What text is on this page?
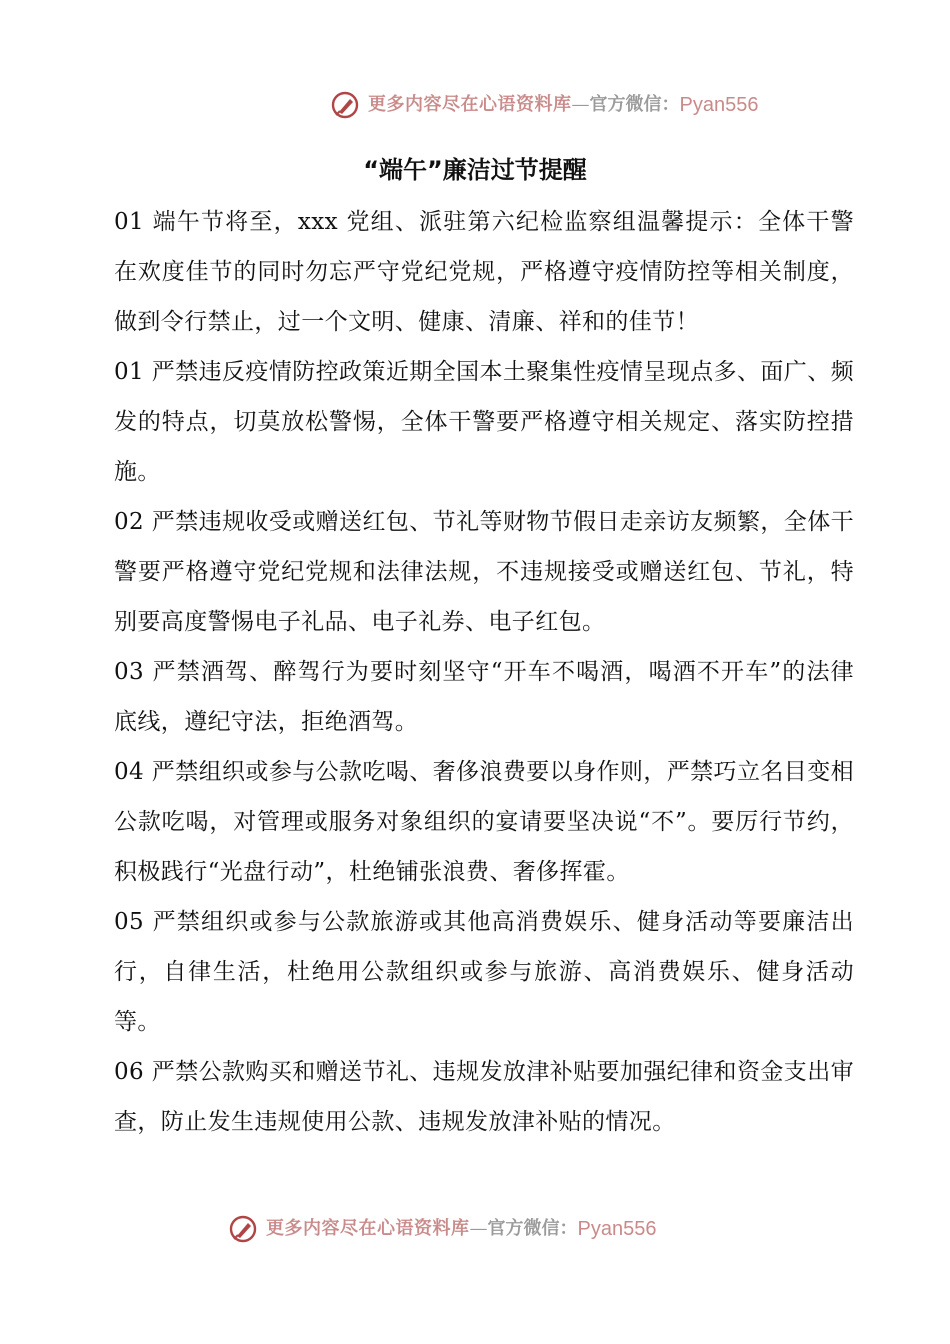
更多内容尽在心语资料库 — 官方微信： Pyan556
“端午”廉洁过节提醒

01 端午节将至，xxx 党组、派驻第六纪检监察组温馨提示：全体干警在欢度佳节的同时勿忘严守党纪党规，严格遵守疫情防控等相关制度，做到令行禁止，过一个文明、健康、清廉、祥和的佳节！

01 严禁违反疫情防控政策近期全国本土聚集性疫情呈现点多、面广、频发的特点，切莫放松警惕，全体干警要严格遵守相关规定、落实防控措施。

02 严禁违规收受或赠送红包、节礼等财物节假日走亲访友频繁，全体干警要严格遵守党纪党规和法律法规，不违规接受或赠送红包、节礼，特别要高度警惕电子礼品、电子礼券、电子红包。

03 严禁酒驾、醉驾行为要时刻坚守“开车不喝酒，喝酒不开车”的法律底线，遵纪守法，拒绝酒驾。

04 严禁组织或参与公款吃喝、奢侈浪费要以身作则，严禁巧立名目变相公款吃喝，对管理或服务对象组织的宴请要坚决说“不”。要厉行节约，积极践行“光盘行动”，杜绝铺张浪费、奢侈挥霍。

05 严禁组织或参与公款旅游或其他高消费娱乐、健身活动等要廉洁出行，自律生活，杜绝用公款组织或参与旅游、高消费娱乐、健身活动等。

06 严禁公款购买和赠送节礼、违规发放津补贴要加强纪律和资金支出审查，防止发生违规使用公款、违规发放津补贴的情况。

更多内容尽在心语资料库 — 官方微信： Pyan556
